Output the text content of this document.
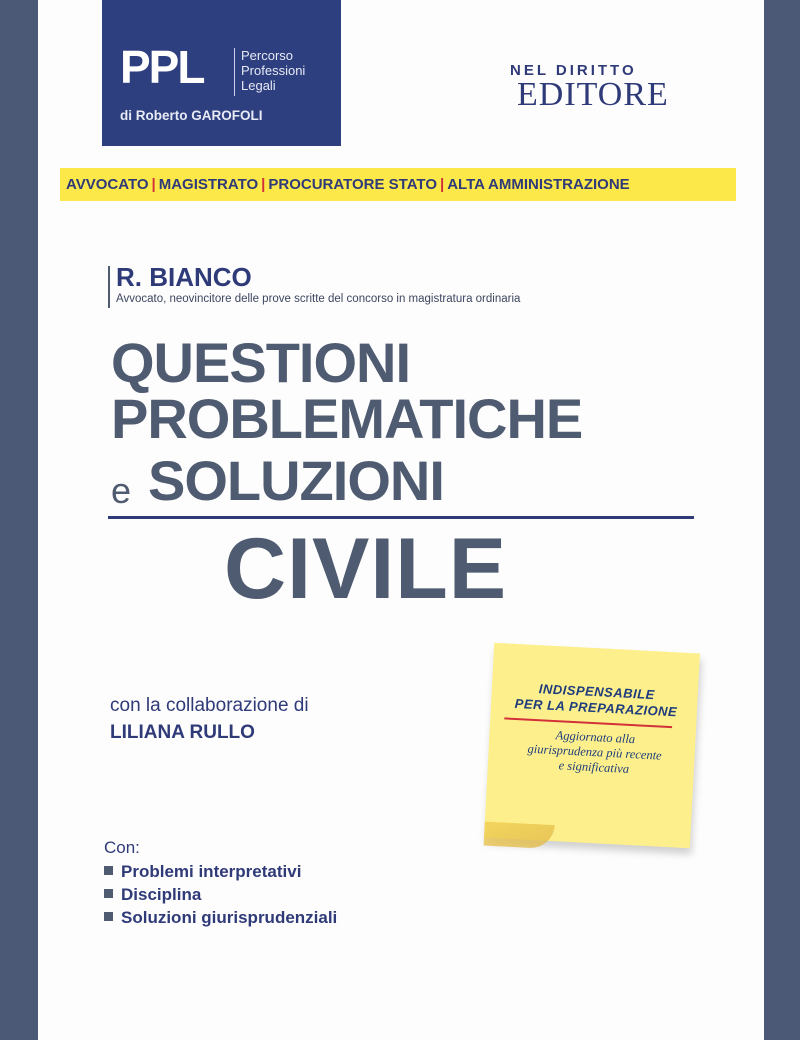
PPL	Percorso
Professioni
Legali
di Roberto GAROFOLI
NEL DIRITTO
EDITORE
AVVOCATO | MAGISTRATO | PROCURATORE STATO | ALTA AMMINISTRAZIONE
R. BIANCO
Avvocato, neovincitore delle prove scritte del concorso in magistratura ordinaria
QUESTIONI
PROBLEMATICHE
e SOLUZIONI
CIVILE
con la collaborazione di
LILIANA RULLO
INDISPENSABILE
PER LA PREPARAZIONE
Aggiornato alla
giurisprudenza più recente
e significativa
Con:
Problemi interpretativi
Disciplina
Soluzioni giurisprudenziali
